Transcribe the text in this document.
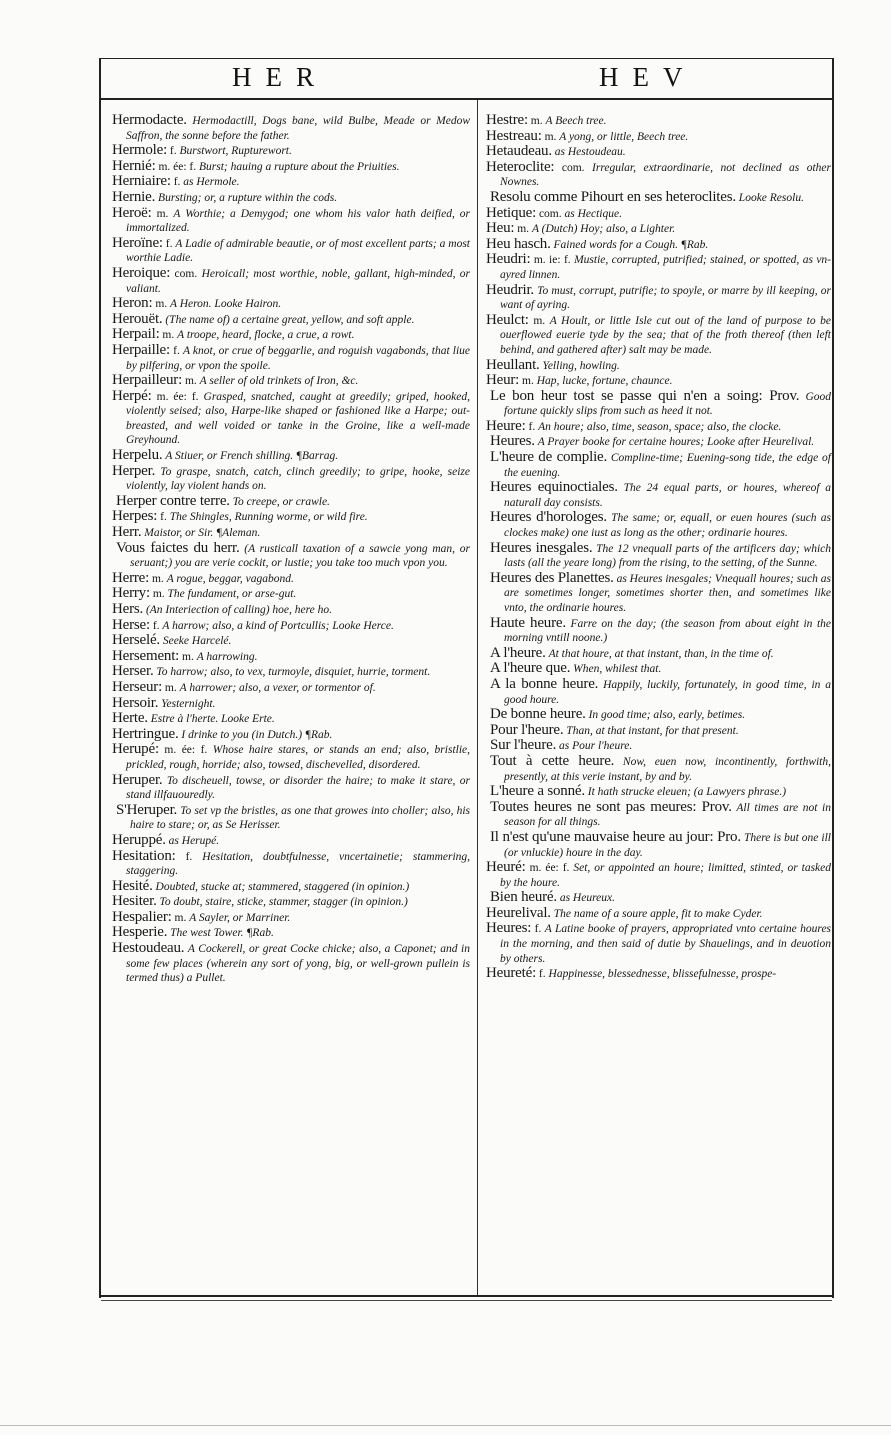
HER	HEV

Hermodacte. Hermodactill, Dogs bane, wild Bulbe, Meade or Medow Saffron, the sonne before the father.

Hermole: f. Burstwort, Rupturewort.

Hernié: m. ée: f. Burst; hauing a rupture about the Priuities.

Herniaire: f. as Hermole.

Hernie. Bursting; or, a rupture within the cods.

Heroë: m. A Worthie; a Demygod; one whom his valor hath deified, or immortalized.

Heroïne: f. A Ladie of admirable beautie, or of most excellent parts; a most worthie Ladie.

Heroique: com. Heroicall; most worthie, noble, gallant, high-minded, or valiant.

Heron: m. A Heron. Looke Hairon.

Herouët. (The name of) a certaine great, yellow, and soft apple.

Herpail: m. A troope, heard, flocke, a crue, a rowt.

Herpaille: f. A knot, or crue of beggarlie, and roguish vagabonds, that liue by pilfering, or vpon the spoile.

Herpailleur: m. A seller of old trinkets of Iron, &c.

Herpé: m. ée: f. Grasped, snatched, caught at greedily; griped, hooked, violently seised; also, Harpe-like shaped or fashioned like a Harpe; out-breasted, and well voided or tanke in the Groine, like a well-made Greyhound.

Herpelu. A Stiuer, or French shilling. ¶Barrag.

Herper. To graspe, snatch, catch, clinch greedily; to gripe, hooke, seize violently, lay violent hands on.

Herper contre terre. To creepe, or crawle.

Herpes: f. The Shingles, Running worme, or wild fire.

Herr. Maistor, or Sir. ¶Aleman.

Vous faictes du herr. (A rusticall taxation of a sawcie yong man, or seruant;) you are verie cockit, or lustie; you take too much vpon you.

Herre: m. A rogue, beggar, vagabond.

Herry: m. The fundament, or arse-gut.

Hers. (An Interiection of calling) hoe, here ho.

Herse: f. A harrow; also, a kind of Portcullis; Looke Herce.

Herselé. Seeke Harcelé.

Hersement: m. A harrowing.

Herser. To harrow; also, to vex, turmoyle, disquiet, hurrie, torment.

Herseur: m. A harrower; also, a vexer, or tormentor of.

Hersoir. Yesternight.

Herte. Estre à l'herte. Looke Erte.

Hertringue. I drinke to you (in Dutch.) ¶Rab.

Herupé: m. ée: f. Whose haire stares, or stands an end; also, bristlie, prickled, rough, horride; also, towsed, dischevelled, disordered.

Heruper. To discheuell, towse, or disorder the haire; to make it stare, or stand illfauouredly.

S'Heruper. To set vp the bristles, as one that growes into choller; also, his haire to stare; or, as Se Herisser.

Heruppé. as Herupé.

Hesitation: f. Hesitation, doubtfulnesse, vncertainetie; stammering, staggering.

Hesité. Doubted, stucke at; stammered, staggered (in opinion.)

Hesiter. To doubt, staire, sticke, stammer, stagger (in opinion.)

Hespalier: m. A Sayler, or Marriner.

Hesperie. The west Tower. ¶Rab.

Hestoudeau. A Cockerell, or great Cocke chicke; also, a Caponet; and in some few places (wherein any sort of yong, big, or well-grown pullein is termed thus) a Pullet.

Hestre: m. A Beech tree.

Hestreau: m. A yong, or little, Beech tree.

Hetaudeau. as Hestoudeau.

Heteroclite: com. Irregular, extraordinarie, not declined as other Nownes.

Resolu comme Pihourt en ses heteroclites. Looke Resolu.

Hetique: com. as Hectique.

Heu: m. A (Dutch) Hoy; also, a Lighter.

Heu hasch. Fained words for a Cough. ¶Rab.

Heudri: m. ie: f. Mustie, corrupted, putrified; stained, or spotted, as vn-ayred linnen.

Heudrir. To must, corrupt, putrifie; to spoyle, or marre by ill keeping, or want of ayring.

Heulct: m. A Hoult, or little Isle cut out of the land of purpose to be ouerflowed euerie tyde by the sea; that of the froth thereof (then left behind, and gathered after) salt may be made.

Heullant. Yelling, howling.

Heur: m. Hap, lucke, fortune, chaunce.

Le bon heur tost se passe qui n'en a soing: Prov. Good fortune quickly slips from such as heed it not.

Heure: f. An houre; also, time, season, space; also, the clocke.

Heures. A Prayer booke for certaine houres; Looke after Heurelival.

L'heure de complie. Compline-time; Euening-song tide, the edge of the euening.

Heures equinoctiales. The 24 equal parts, or houres, whereof a naturall day consists.

Heures d'horologes. The same; or, equall, or euen houres (such as clockes make) one iust as long as the other; ordinarie houres.

Heures inesgales. The 12 vnequall parts of the artificers day; which lasts (all the yeare long) from the rising, to the setting, of the Sunne.

Heures des Planettes. as Heures inesgales; Vnequall houres; such as are sometimes longer, sometimes shorter then, and sometimes like vnto, the ordinarie houres.

Haute heure. Farre on the day; (the season from about eight in the morning vntill noone.)

A l'heure. At that houre, at that instant, than, in the time of.

A l'heure que. When, whilest that.

A la bonne heure. Happily, luckily, fortunately, in good time, in a good houre.

De bonne heure. In good time; also, early, betimes.

Pour l'heure. Than, at that instant, for that present.

Sur l'heure. as Pour l'heure.

Tout à cette heure. Now, euen now, incontinently, forthwith, presently, at this verie instant, by and by.

L'heure a sonné. It hath strucke eleuen; (a Lawyers phrase.)

Toutes heures ne sont pas meures: Prov. All times are not in season for all things.

Il n'est qu'une mauvaise heure au jour: Pro. There is but one ill (or vnluckie) houre in the day.

Heuré: m. ée: f. Set, or appointed an houre; limitted, stinted, or tasked by the houre.

Bien heuré. as Heureux.

Heurelival. The name of a soure apple, fit to make Cyder.

Heures: f. A Latine booke of prayers, appropriated vnto certaine houres in the morning, and then said of dutie by Shauelings, and in deuotion by others.

Heureté: f. Happinesse, blessednesse, blissefulnesse, prospe-
